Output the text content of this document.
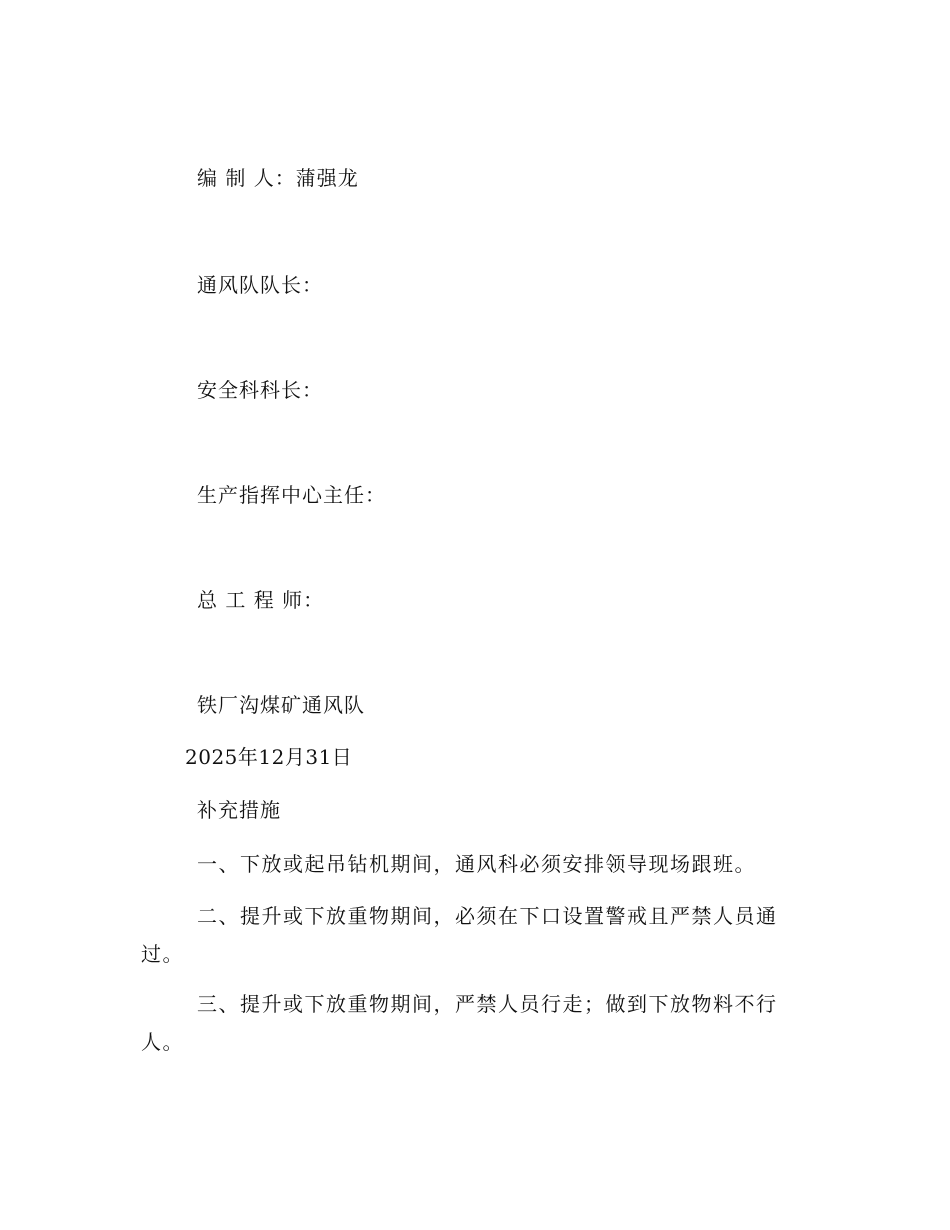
编 制 人：蒲强龙
通风队队长：
安全科科长：
生产指挥中心主任：
总 工 程 师：
铁厂沟煤矿通风队
2025年12月31日
补充措施
一、下放或起吊钻机期间，通风科必须安排领导现场跟班。
二、提升或下放重物期间，必须在下口设置警戒且严禁人员通过。
三、提升或下放重物期间，严禁人员行走；做到下放物料不行人。
